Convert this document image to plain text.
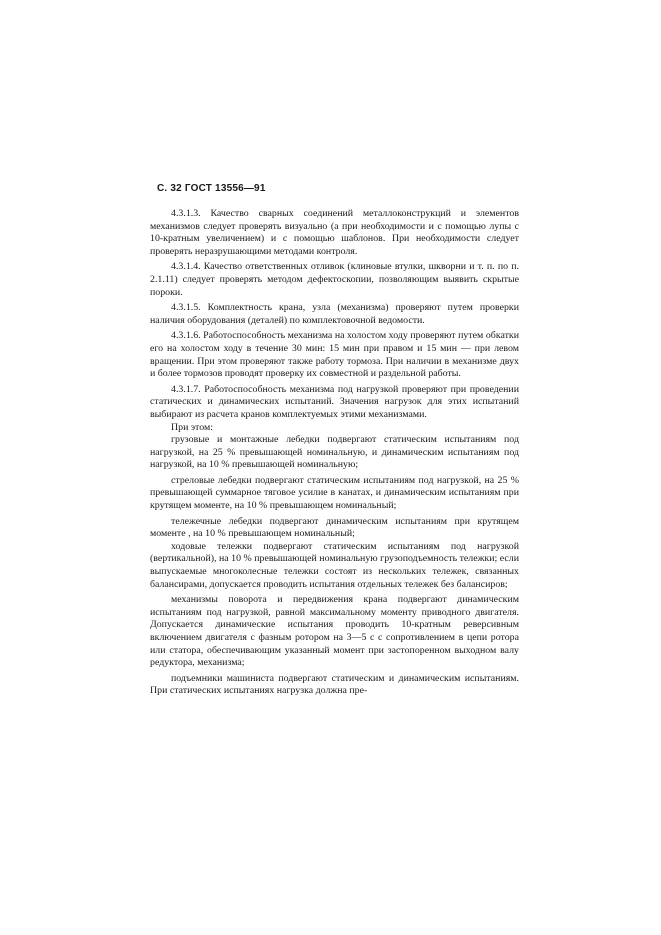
С. 32 ГОСТ 13556—91

4.3.1.3. Качество сварных соединений металлоконструкций и элементов механизмов следует проверять визуально (а при необходимости и с помощью лупы с 10-кратным увеличением) и с помощью шаблонов. При необходимости следует проверять неразрушающими методами контроля.

4.3.1.4. Качество ответственных отливок (клиновые втулки, шкворни и т. п. по п. 2.1.11) следует проверять методом дефектоскопии, позволяющим выявить скрытые пороки.

4.3.1.5. Комплектность крана, узла (механизма) проверяют путем проверки наличия оборудования (деталей) по комплектовочной ведомости.

4.3.1.6. Работоспособность механизма на холостом ходу проверяют путем обкатки его на холостом ходу в течение 30 мин: 15 мин при правом и 15 мин — при левом вращении. При этом проверяют также работу тормоза. При наличии в механизме двух и более тормозов проводят проверку их совместной и раздельной работы.

4.3.1.7. Работоспособность механизма под нагрузкой проверяют при проведении статических и динамических испытаний. Значения нагрузок для этих испытаний выбирают из расчета кранов комплектуемых этими механизмами.

При этом:

грузовые и монтажные лебедки подвергают статическим испытаниям под нагрузкой, на 25 % превышающей номинальную, и динамическим испытаниям под нагрузкой, на 10 % превышающей номинальную;

стреловые лебедки подвергают статическим испытаниям под нагрузкой, на 25 % превышающей суммарное тяговое усилие в канатах, и динамическим испытаниям при крутящем моменте, на 10 % превышающем номинальный;

тележечные лебедки подвергают динамическим испытаниям при крутящем моменте , на 10 % превышающем номинальный;

ходовые тележки подвергают статическим испытаниям под нагрузкой (вертикальной), на 10 % превышающей номинальную грузоподъемность тележки; если выпускаемые многоколесные тележки состоят из нескольких тележек, связанных балансирами, допускается проводить испытания отдельных тележек без балансиров;

механизмы поворота и передвижения крана подвергают динамическим испытаниям под нагрузкой, равной максимальному моменту приводного двигателя. Допускается динамические испытания проводить 10-кратным реверсивным включением двигателя с фазным ротором на 3—5 с с сопротивлением в цепи ротора или статора, обеспечивающим указанный момент при застопоренном выходном валу редуктора, механизма;

подъемники машиниста подвергают статическим и динамическим испытаниям. При статических испытаниях нагрузка должна пре-
